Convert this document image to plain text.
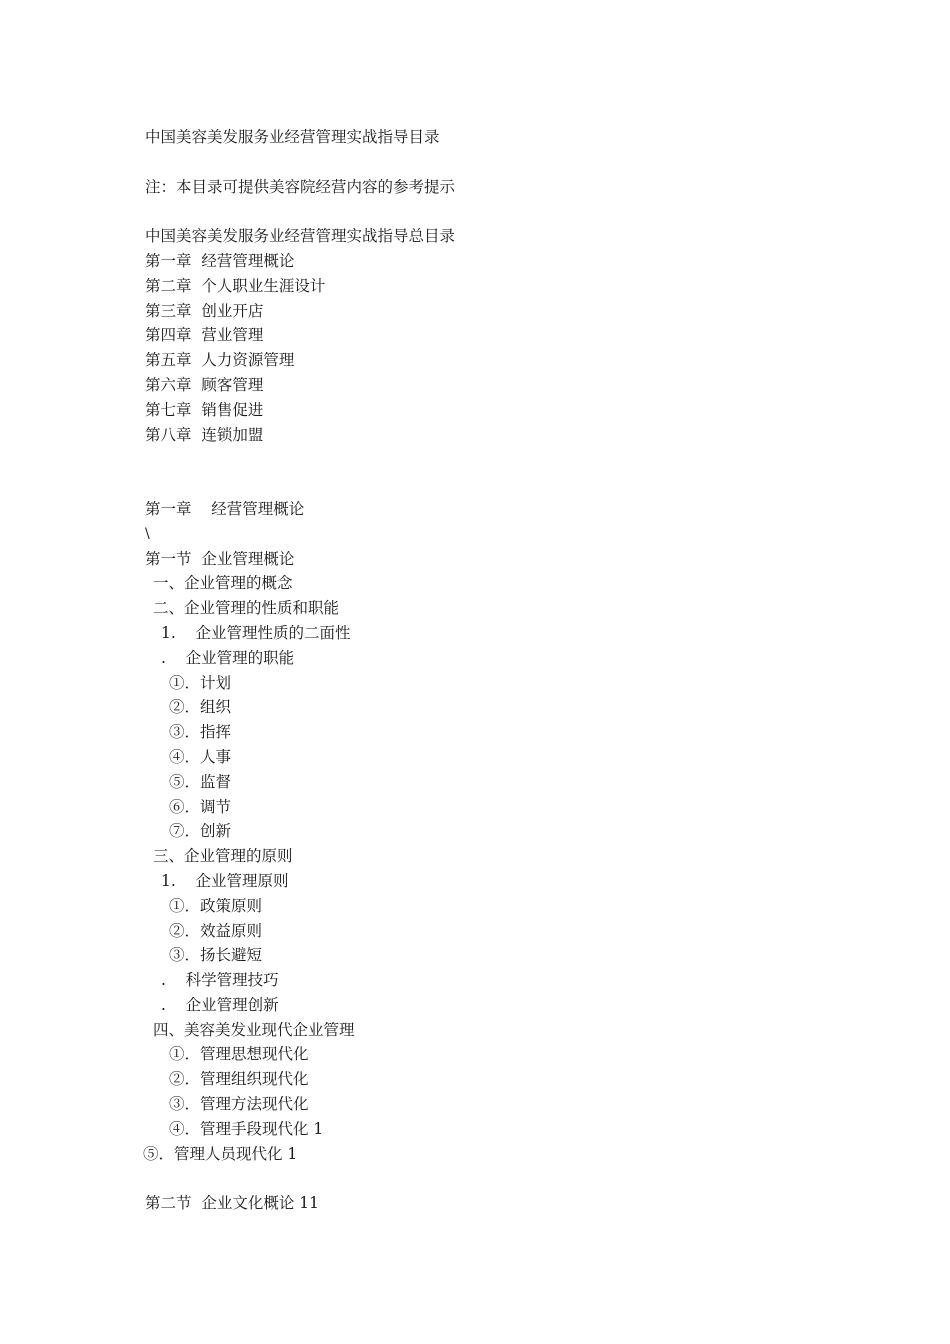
中国美容美发服务业经营管理实战指导目录
注：本目录可提供美容院经营内容的参考提示
中国美容美发服务业经营管理实战指导总目录
第一章  经营管理概论
第二章  个人职业生涯设计
第三章  创业开店
第四章  营业管理
第五章  人力资源管理
第六章  顾客管理
第七章  销售促进
第八章  连锁加盟
第一章    经营管理概论
\
第一节  企业管理概论
一、企业管理的概念
二、企业管理的性质和职能
1.    企业管理性质的二面性
.    企业管理的职能
①．计划
②．组织
③．指挥
④．人事
⑤．监督
⑥．调节
⑦．创新
三、企业管理的原则
1.    企业管理原则
①．政策原则
②．效益原则
③．扬长避短
.    科学管理技巧
.    企业管理创新
四、美容美发业现代企业管理
①．管理思想现代化
②．管理组织现代化
③．管理方法现代化
④．管理手段现代化 1
⑤．管理人员现代化 1
第二节  企业文化概论 11
